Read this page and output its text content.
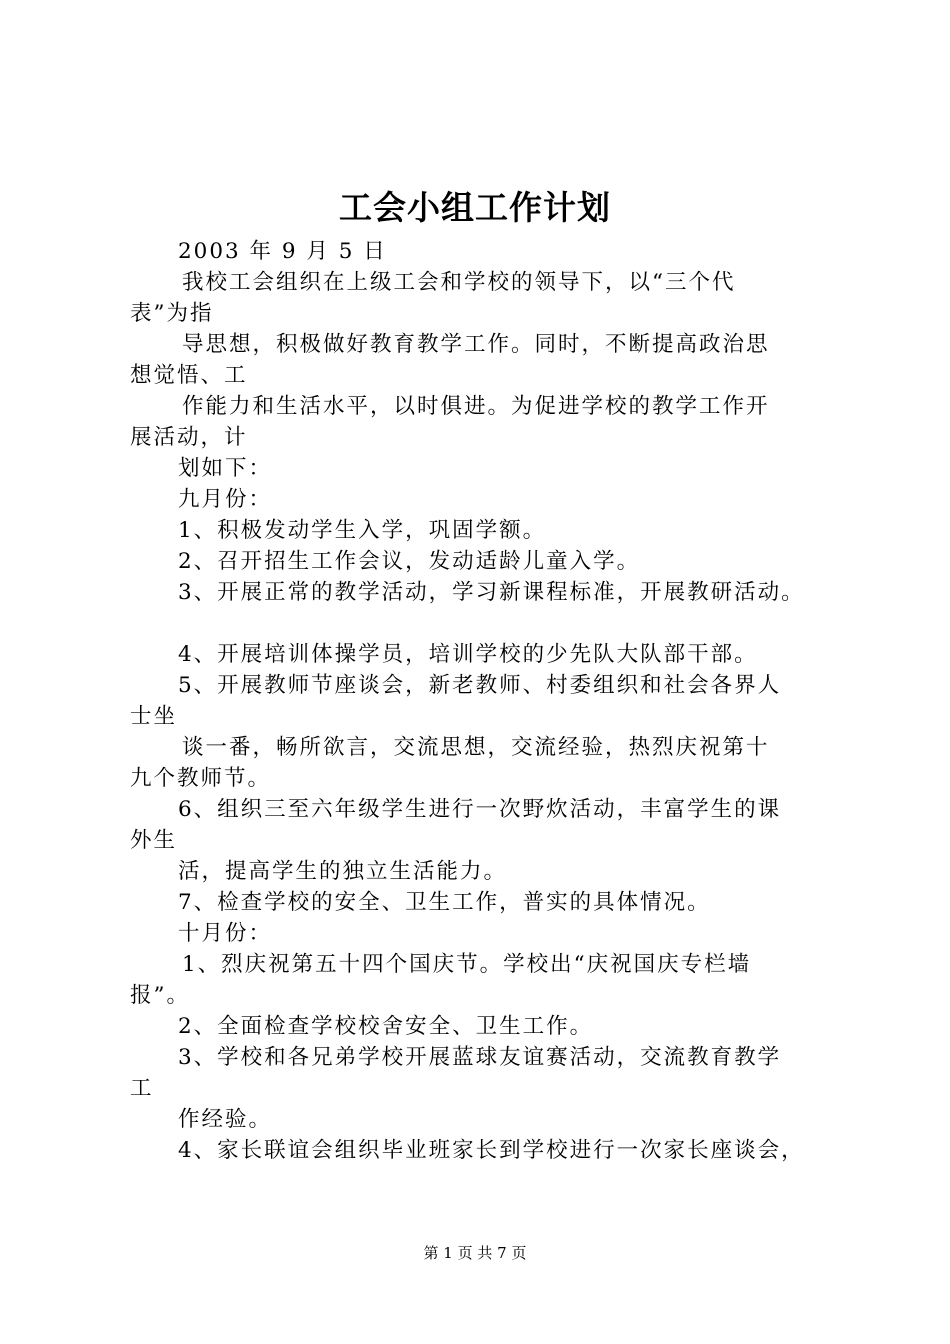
工会小组工作计划
2003 年 9 月 5 日
我校工会组织在上级工会和学校的领导下，以“三个代
表”为指
导思想，积极做好教育教学工作。同时，不断提高政治思
想觉悟、工
作能力和生活水平，以时俱进。为促进学校的教学工作开
展活动，计
划如下：
九月份：
1、积极发动学生入学，巩固学额。
2、召开招生工作会议，发动适龄儿童入学。
3、开展正常的教学活动，学习新课程标准，开展教研活动。
4、开展培训体操学员，培训学校的少先队大队部干部。
5、开展教师节座谈会，新老教师、村委组织和社会各界人
士坐
谈一番，畅所欲言，交流思想，交流经验，热烈庆祝第十
九个教师节。
6、组织三至六年级学生进行一次野炊活动，丰富学生的课
外生
活，提高学生的独立生活能力。
7、检查学校的安全、卫生工作，普实的具体情况。
十月份：
1、烈庆祝第五十四个国庆节。学校出“庆祝国庆专栏墙
报”。
2、全面检查学校校舍安全、卫生工作。
3、学校和各兄弟学校开展蓝球友谊赛活动，交流教育教学
工
作经验。
4、家长联谊会组织毕业班家长到学校进行一次家长座谈会，
第 1 页 共 7 页
